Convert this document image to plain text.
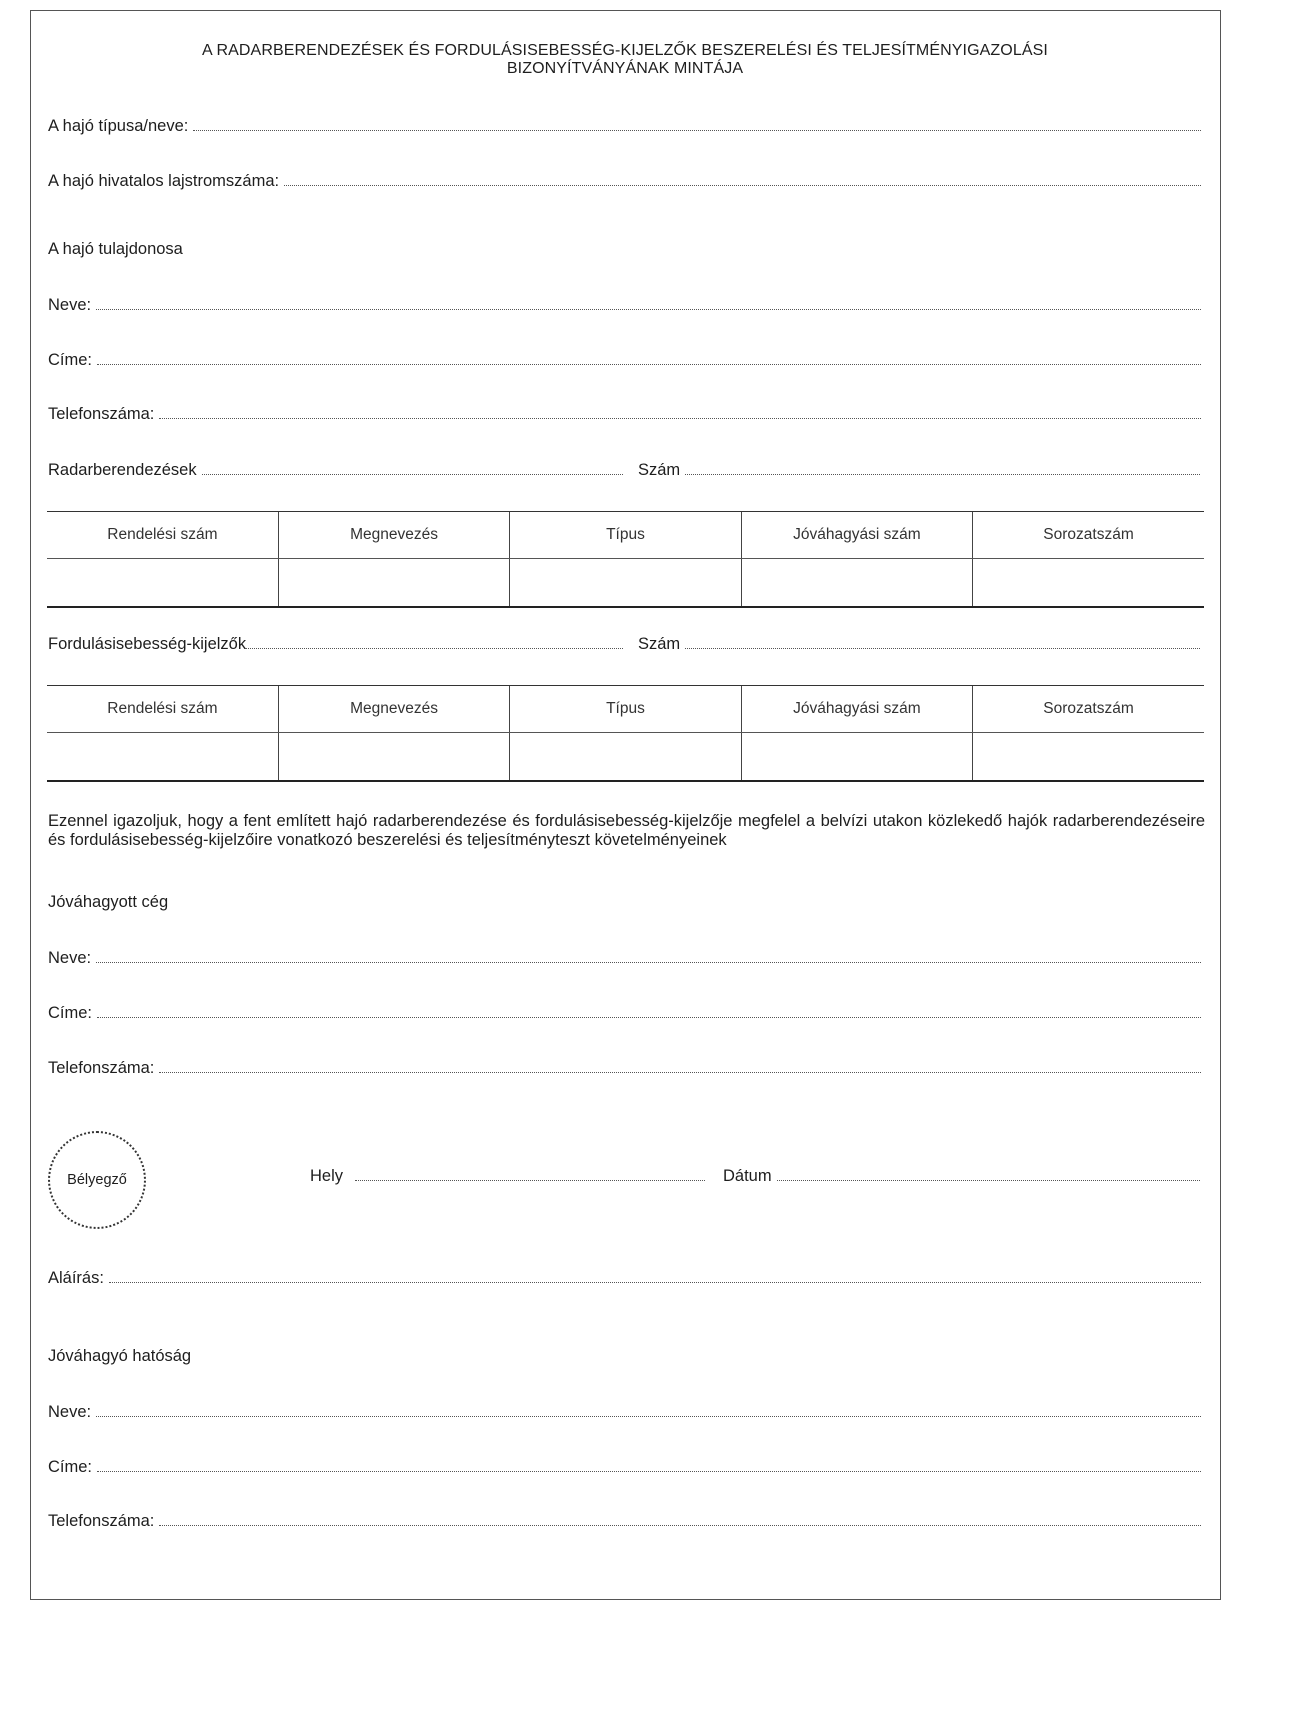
A RADARBERENDEZÉSEK ÉS FORDULÁSISEBESSÉG-KIJELZŐK BESZERELÉSI ÉS TELJESÍTMÉNYIGAZOLÁSI
BIZONYÍTVÁNYÁNAK MINTÁJA
A hajó típusa/neve:
A hajó hivatalos lajstromszáma:
A hajó tulajdonosa
Neve:
Címe:
Telefonszáma:
Radarberendezések	Szám
Rendelési szám	Megnevezés	Típus	Jóváhagyási szám	Sorozatszám

Fordulásisebesség-kijelzők	Szám
Rendelési szám	Megnevezés	Típus	Jóváhagyási szám	Sorozatszám

Ezennel igazoljuk, hogy a fent említett hajó radarberendezése és fordulásisebesség-kijelzője megfelel a belvízi utakon közlekedő hajók radarberendezéseire és fordulásisebesség-kijelzőire vonatkozó beszerelési és teljesítményteszt követelményeinek
Jóváhagyott cég
Neve:
Címe:
Telefonszáma:
Bélyegző	Hely	Dátum
Aláírás:
Jóváhagyó hatóság
Neve:
Címe:
Telefonszáma:
